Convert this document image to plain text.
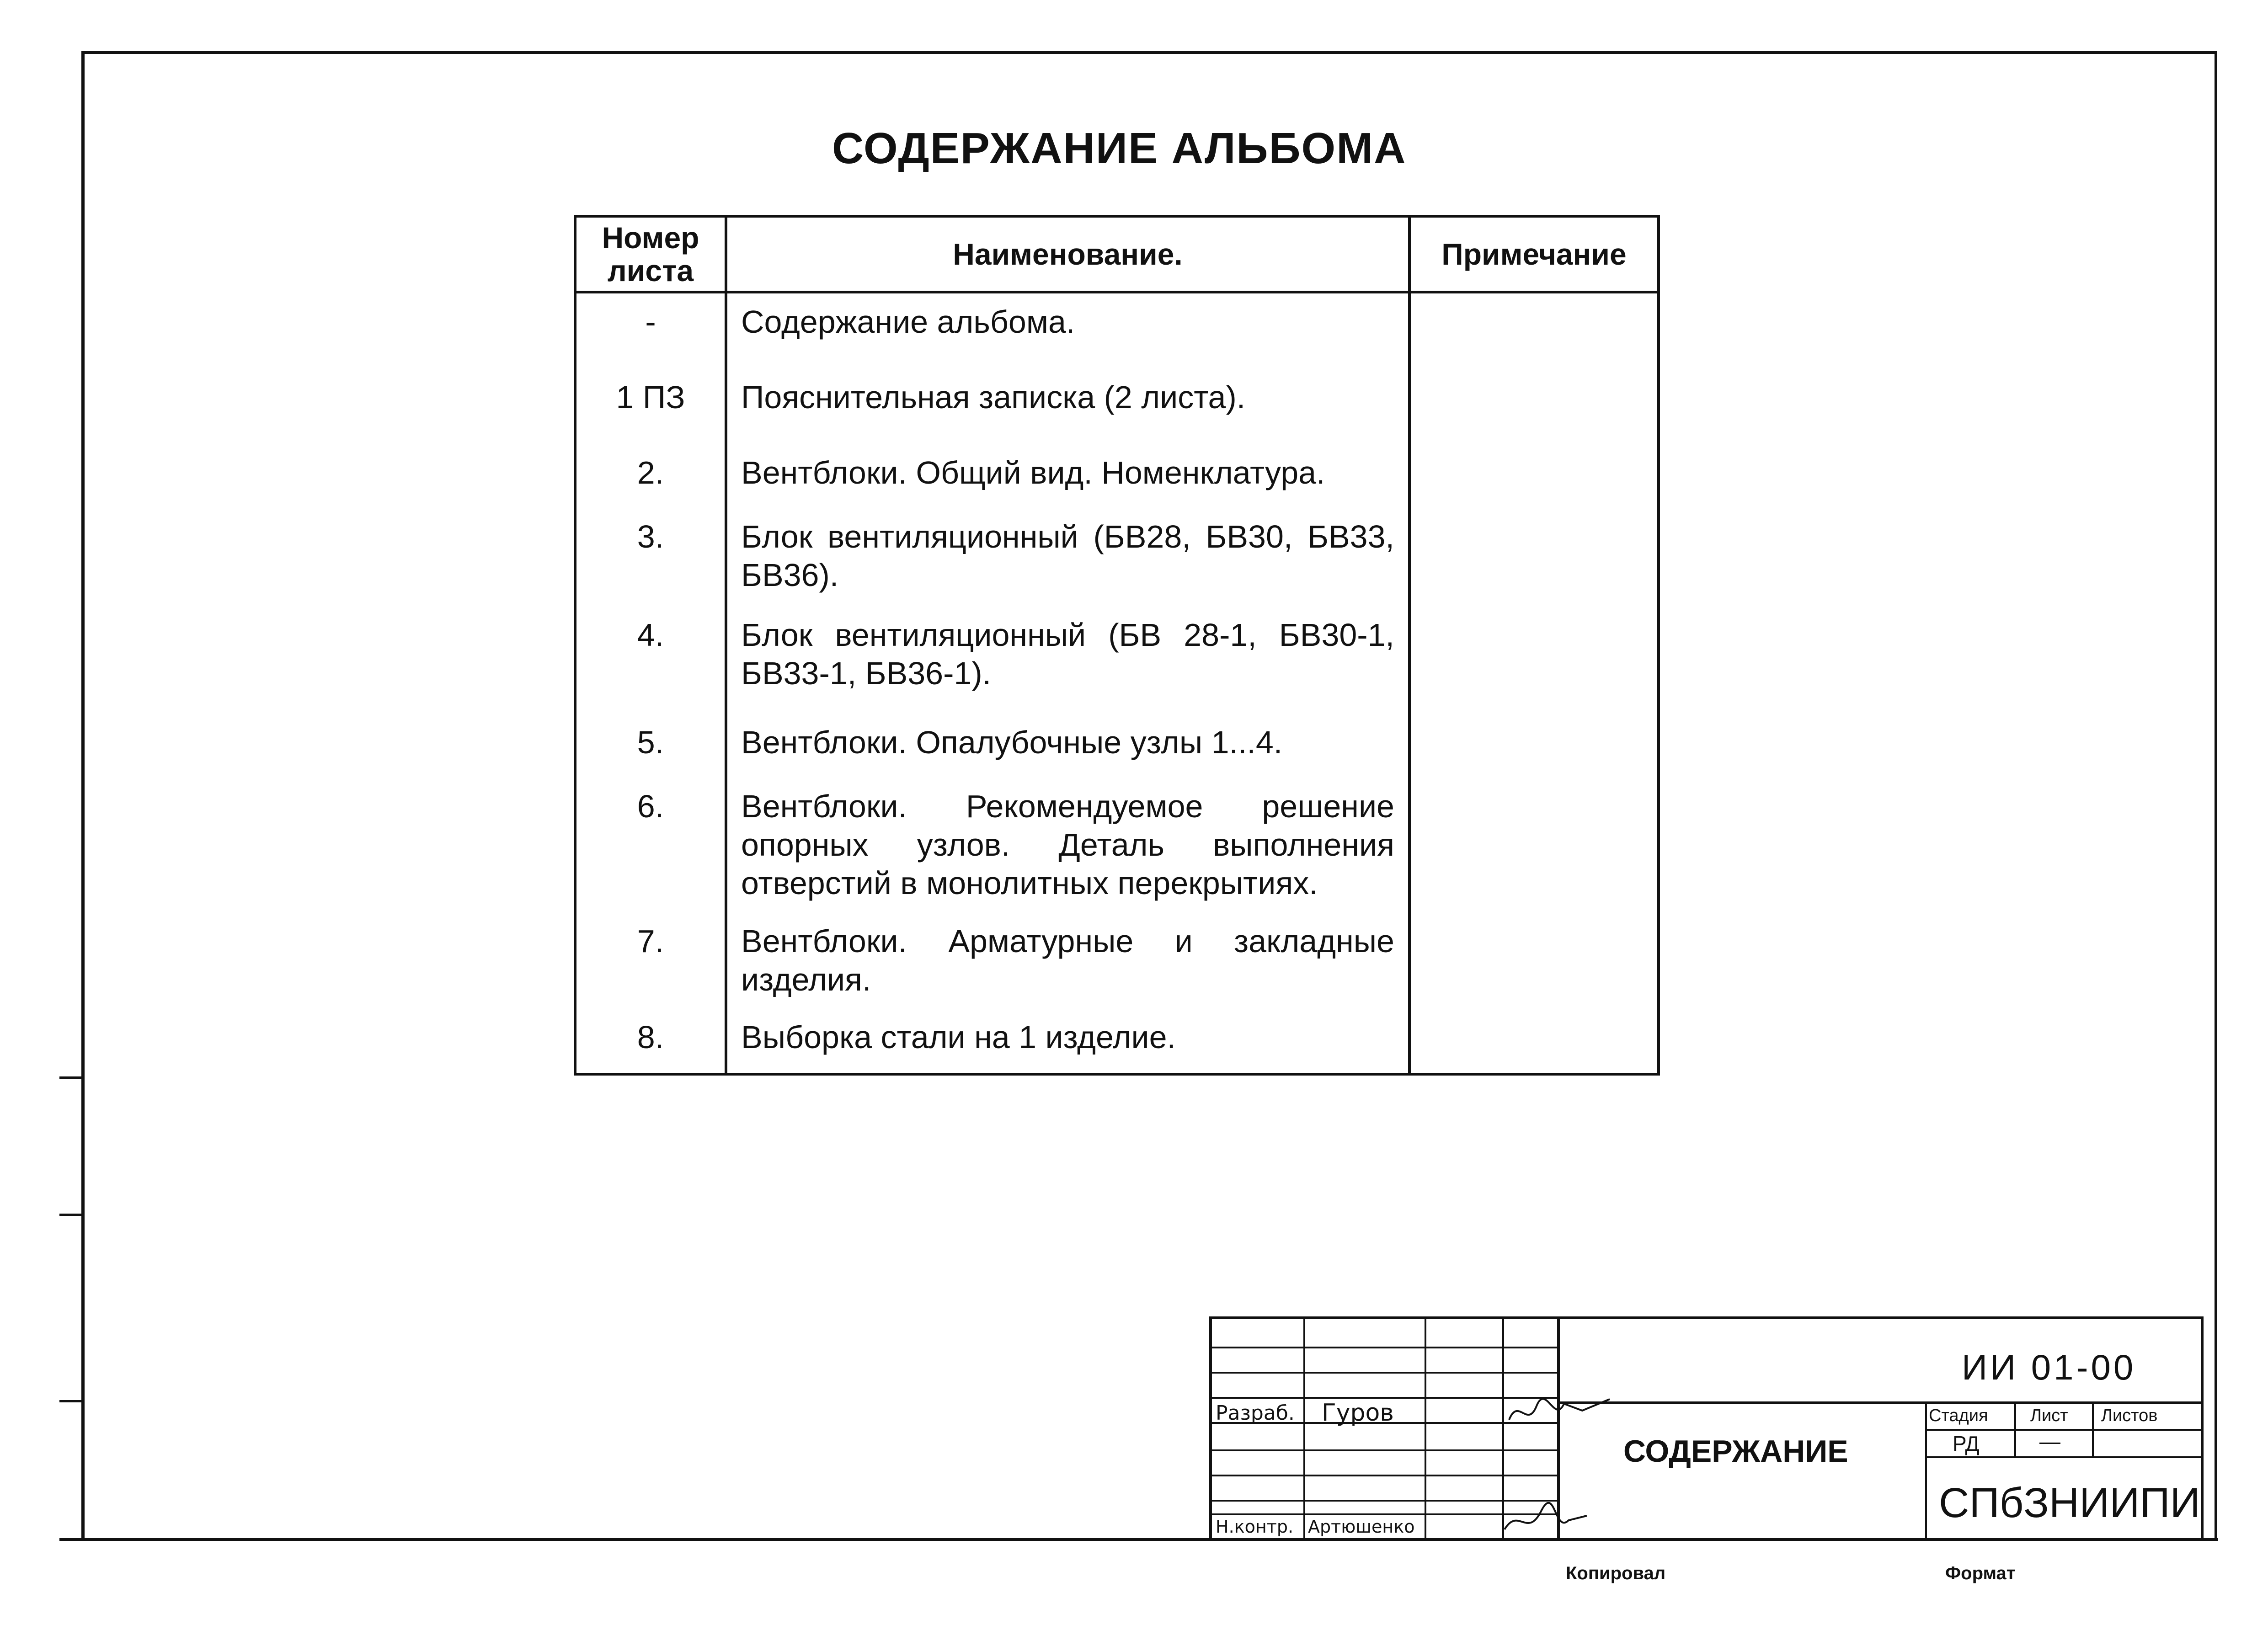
СОДЕРЖАНИЕ АЛЬБОМА
Номер листа	Наименование.	Примечание
-	Содержание альбома.	
1 ПЗ	Пояснительная записка (2 листа).	
2.	Вентблоки. Общий вид. Номенклатура.	
3.	Блок вентиляционный (БВ28, БВ30, БВ33, БВ36).	
4.	Блок вентиляционный (БВ 28-1, БВ30-1, БВ33-1, БВ36-1).	
5.	Вентблоки. Опалубочные узлы 1...4.	
6.	Вентблоки. Рекомендуемое решение опорных узлов. Деталь выполнения отверстий в монолитных перекрытиях.	
7.	Вентблоки. Арматурные и закладные изделия.	
8.	Выборка стали на 1 изделие.	
Разраб. Гуров
Н.контр. Артюшенко
ИИ 01-00
СОДЕРЖАНИЕ
Стадия Лист Листов
РД	—
СПбЗНИИПИ
Копировал	Формат
